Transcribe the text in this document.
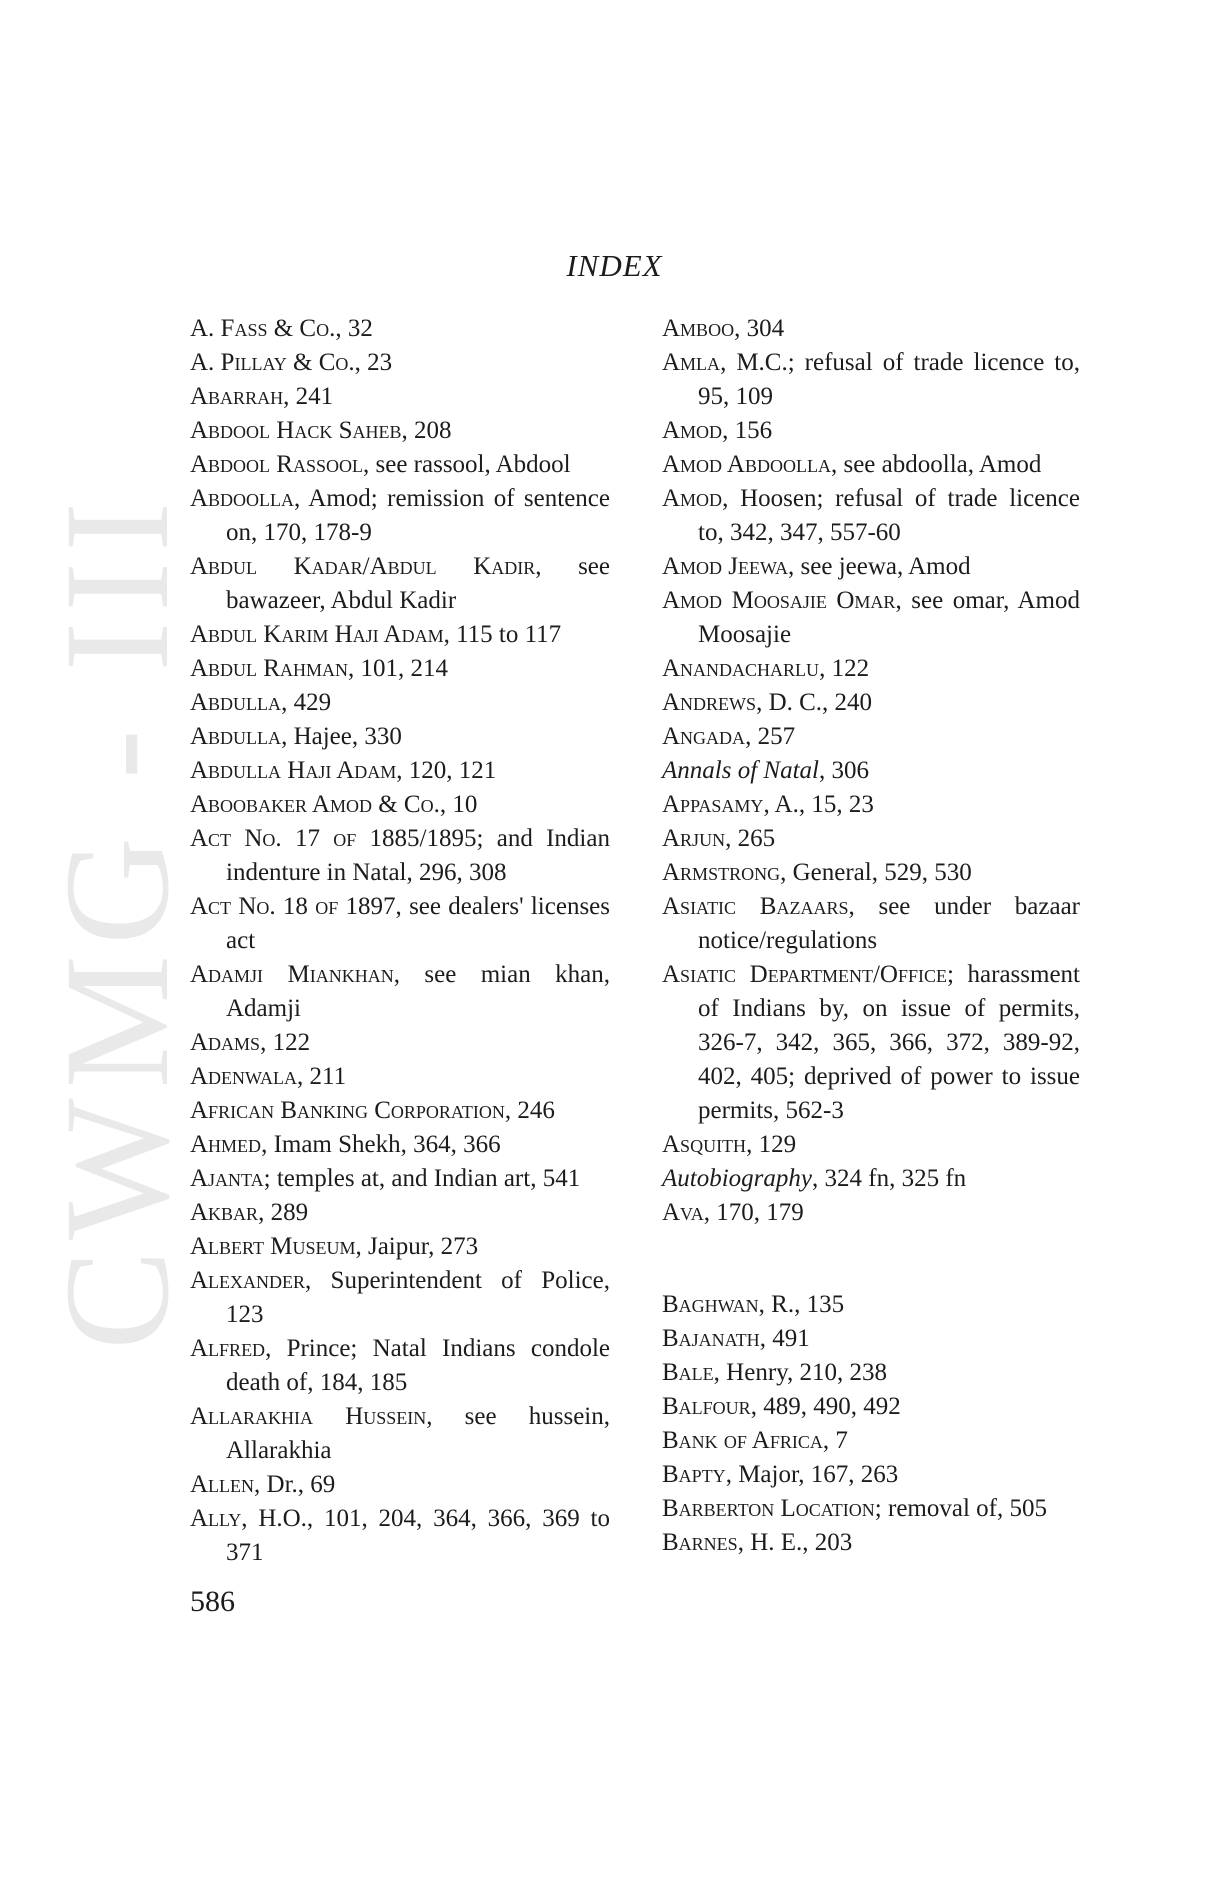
CWMG - III
INDEX
A. Fass & Co., 32
A. Pillay & Co., 23
Abarrah, 241
Abdool Hack Saheb, 208
Abdool Rassool, see rassool, Abdool
Abdoolla, Amod; remission of sentence on, 170, 178-9
Abdul Kadar/Abdul Kadir, see bawazeer, Abdul Kadir
Abdul Karim Haji Adam, 115 to 117
Abdul Rahman, 101, 214
Abdulla, 429
Abdulla, Hajee, 330
Abdulla Haji Adam, 120, 121
Aboobaker Amod & Co., 10
Act No. 17 of 1885/1895; and Indian indenture in Natal, 296, 308
Act No. 18 of 1897, see dealers' licenses act
Adamji Miankhan, see mian khan, Adamji
Adams, 122
Adenwala, 211
African Banking Corporation, 246
Ahmed, Imam Shekh, 364, 366
Ajanta; temples at, and Indian art, 541
Akbar, 289
Albert Museum, Jaipur, 273
Alexander, Superintendent of Police, 123
Alfred, Prince; Natal Indians condole death of, 184, 185
Allarakhia Hussein, see hussein, Allarakhia
Allen, Dr., 69
Ally, H.O., 101, 204, 364, 366, 369 to 371
Amboo, 304
Amla, M.C.; refusal of trade licence to, 95, 109
Amod, 156
Amod Abdoolla, see abdoolla, Amod
Amod, Hoosen; refusal of trade licence to, 342, 347, 557-60
Amod Jeewa, see jeewa, Amod
Amod Moosajie Omar, see omar, Amod Moosajie
Anandacharlu, 122
Andrews, D. C., 240
Angada, 257
Annals of Natal, 306
Appasamy, A., 15, 23
Arjun, 265
Armstrong, General, 529, 530
Asiatic Bazaars, see under bazaar notice/regulations
Asiatic Department/Office; harassment of Indians by, on issue of permits, 326-7, 342, 365, 366, 372, 389-92, 402, 405; deprived of power to issue permits, 562-3
Asquith, 129
Autobiography, 324 fn, 325 fn
Ava, 170, 179
Baghwan, R., 135
Bajanath, 491
Bale, Henry, 210, 238
Balfour, 489, 490, 492
Bank of Africa, 7
Bapty, Major, 167, 263
Barberton Location; removal of, 505
Barnes, H. E., 203
586
